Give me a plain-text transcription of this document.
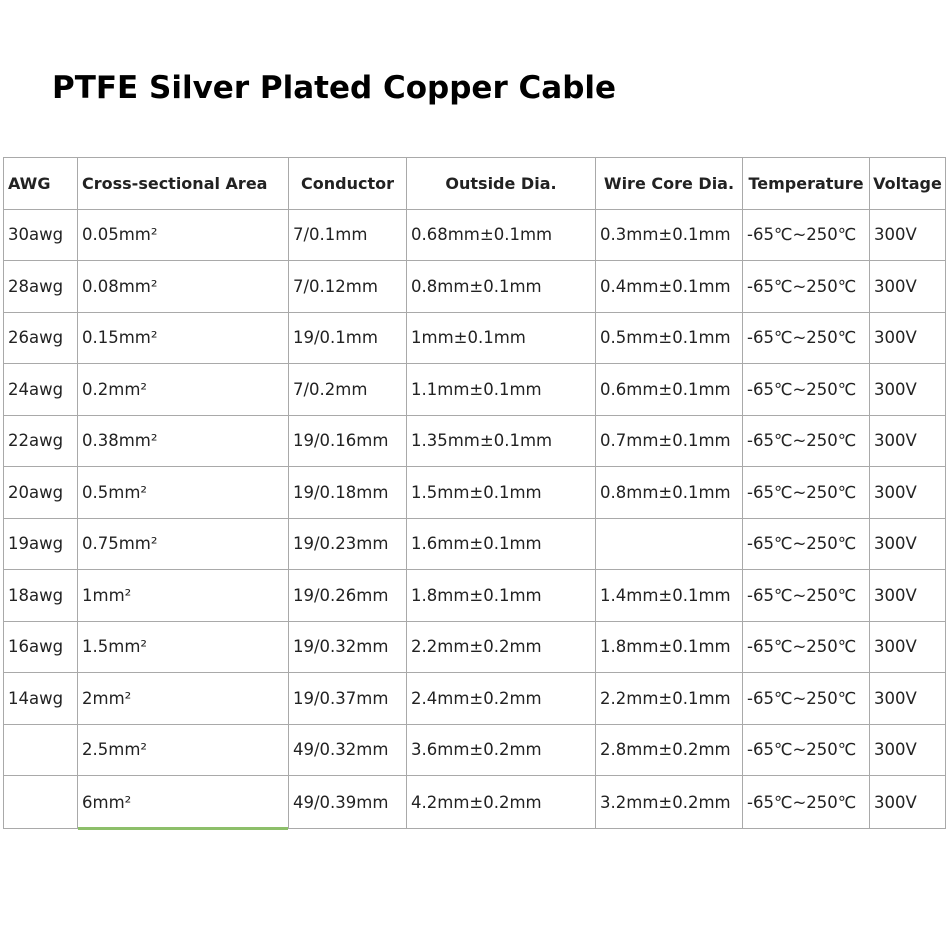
PTFE Silver Plated Copper Cable
AWG	Cross-sectional Area	Conductor	Outside Dia.	Wire Core Dia.	Temperature	Voltage
30awg	0.05mm²	7/0.1mm	0.68mm±0.1mm	0.3mm±0.1mm	-65℃~250℃	300V
28awg	0.08mm²	7/0.12mm	0.8mm±0.1mm	0.4mm±0.1mm	-65℃~250℃	300V
26awg	0.15mm²	19/0.1mm	1mm±0.1mm	0.5mm±0.1mm	-65℃~250℃	300V
24awg	0.2mm²	7/0.2mm	1.1mm±0.1mm	0.6mm±0.1mm	-65℃~250℃	300V
22awg	0.38mm²	19/0.16mm	1.35mm±0.1mm	0.7mm±0.1mm	-65℃~250℃	300V
20awg	0.5mm²	19/0.18mm	1.5mm±0.1mm	0.8mm±0.1mm	-65℃~250℃	300V
19awg	0.75mm²	19/0.23mm	1.6mm±0.1mm		-65℃~250℃	300V
18awg	1mm²	19/0.26mm	1.8mm±0.1mm	1.4mm±0.1mm	-65℃~250℃	300V
16awg	1.5mm²	19/0.32mm	2.2mm±0.2mm	1.8mm±0.1mm	-65℃~250℃	300V
14awg	2mm²	19/0.37mm	2.4mm±0.2mm	2.2mm±0.1mm	-65℃~250℃	300V
	2.5mm²	49/0.32mm	3.6mm±0.2mm	2.8mm±0.2mm	-65℃~250℃	300V
	6mm²	49/0.39mm	4.2mm±0.2mm	3.2mm±0.2mm	-65℃~250℃	300V
